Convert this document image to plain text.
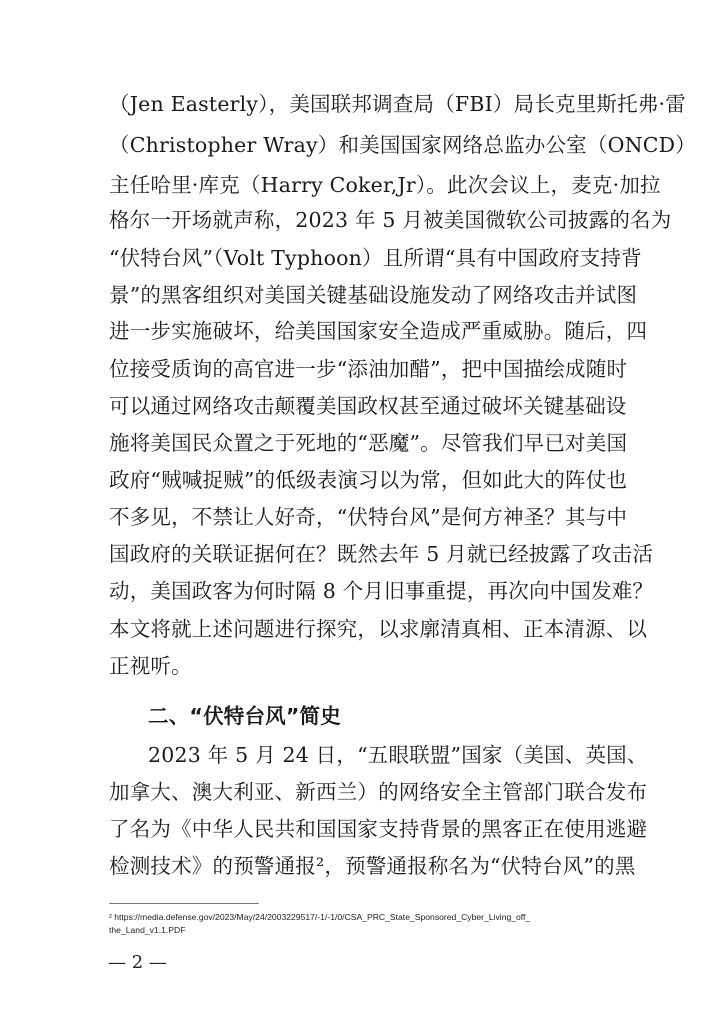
（Jen Easterly），美国联邦调查局（FBI）局长克里斯托弗·雷
（Christopher Wray）和美国国家网络总监办公室（ONCD）
主任哈里·库克（Harry Coker,Jr）。此次会议上，麦克·加拉
格尔一开场就声称，2023 年 5 月被美国微软公司披露的名为
“伏特台风”（Volt Typhoon）且所谓“具有中国政府支持背
景”的黑客组织对美国关键基础设施发动了网络攻击并试图
进一步实施破坏，给美国国家安全造成严重威胁。随后，四
位接受质询的高官进一步“添油加醋”，把中国描绘成随时
可以通过网络攻击颠覆美国政权甚至通过破坏关键基础设
施将美国民众置之于死地的“恶魔”。尽管我们早已对美国
政府“贼喊捉贼”的低级表演习以为常，但如此大的阵仗也
不多见，不禁让人好奇，“伏特台风”是何方神圣？其与中
国政府的关联证据何在？既然去年 5 月就已经披露了攻击活
动，美国政客为何时隔 8 个月旧事重提，再次向中国发难？
本文将就上述问题进行探究，以求廓清真相、正本清源、以
正视听。
二、“伏特台风”简史
2023 年 5 月 24 日，“五眼联盟”国家（美国、英国、
加拿大、澳大利亚、新西兰）的网络安全主管部门联合发布
了名为《中华人民共和国国家支持背景的黑客正在使用逃避
检测技术》的预警通报²，预警通报称名为“伏特台风”的黑
² https://media.defense.gov/2023/May/24/2003229517/-1/-1/0/CSA_PRC_State_Sponsored_Cyber_Living_off_
the_Land_v1.1.PDF
— 2 —
